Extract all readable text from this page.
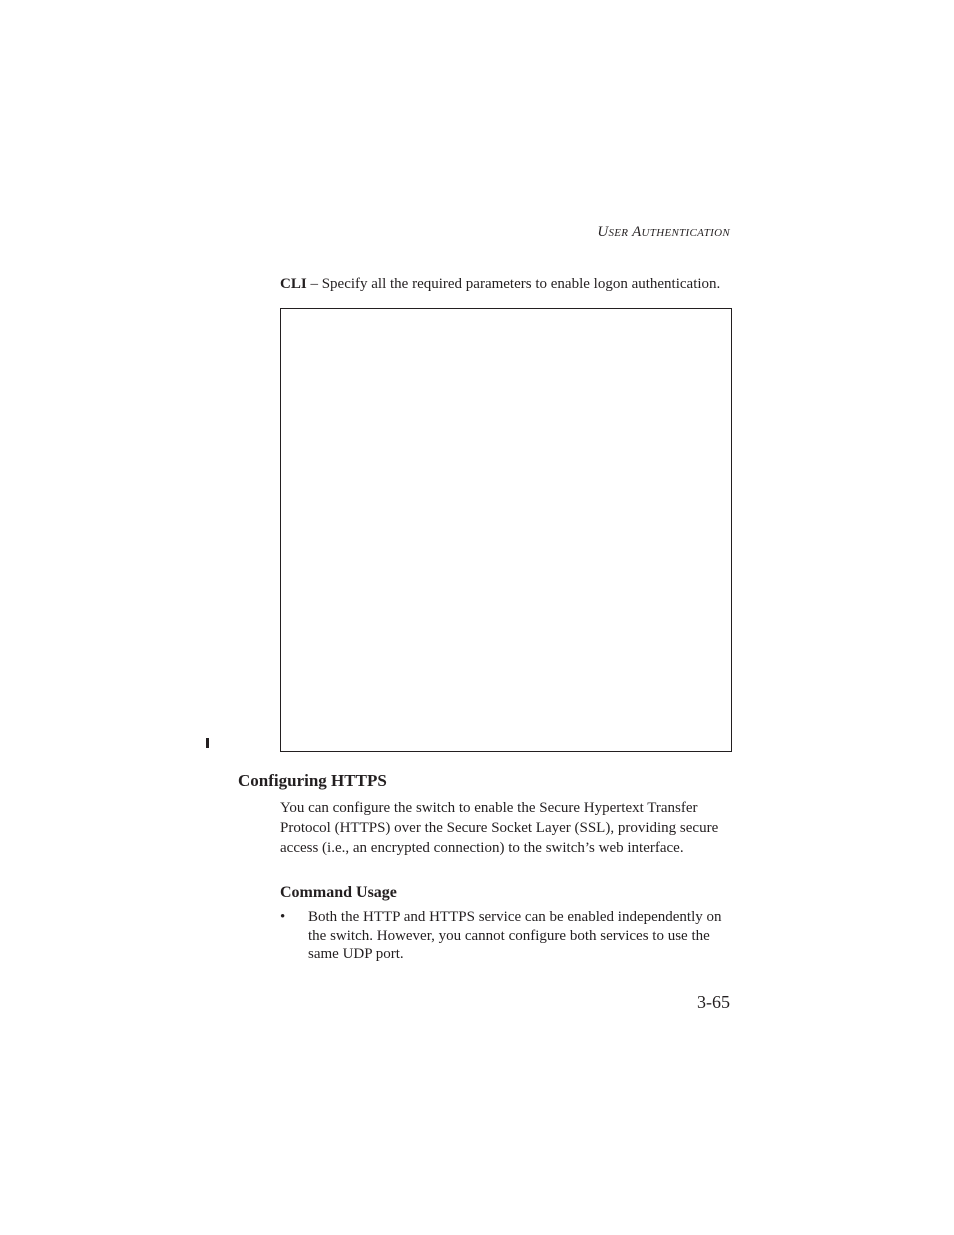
User Authentication
CLI – Specify all the required parameters to enable logon authentication.
Configuring HTTPS
You can configure the switch to enable the Secure Hypertext Transfer
Protocol (HTTPS) over the Secure Socket Layer (SSL), providing secure
access (i.e., an encrypted connection) to the switch’s web interface.
Command Usage
• Both the HTTP and HTTPS service can be enabled independently on
the switch. However, you cannot configure both services to use the
same UDP port.
3-65
